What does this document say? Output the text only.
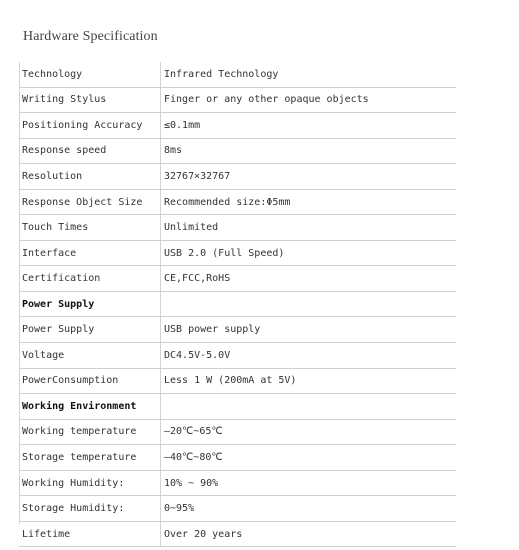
Hardware Specification
Technology	Infrared Technology
Writing Stylus	Finger or any other opaque objects
Positioning Accuracy	≤0.1mm
Response speed	8ms
Resolution	32767×32767
Response Object Size	Recommended size:Φ5mm
Touch Times	Unlimited
Interface	USB 2.0 (Full Speed)
Certification	CE,FCC,RoHS
Power Supply	
Power Supply	USB power supply
Voltage	DC4.5V-5.0V
PowerConsumption	Less 1 W (200mA at 5V)
Working Environment	
Working temperature	—20℃~65℃
Storage temperature	—40℃~80℃
Working Humidity:	10% ~ 90%
Storage Humidity:	0~95%
Lifetime	Over 20 years
